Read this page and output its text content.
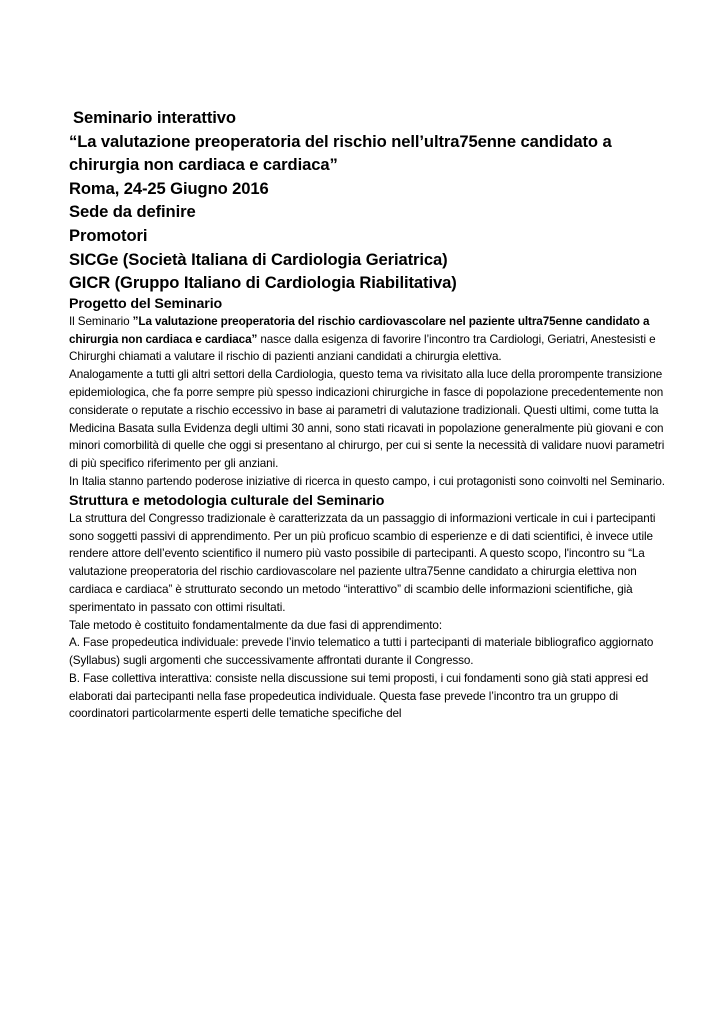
Seminario interattivo

“La valutazione preoperatoria del rischio nell’ultra75enne candidato a

chirurgia non cardiaca e cardiaca”

Roma, 24-25 Giugno 2016

Sede da definire

Promotori

SICGe (Società Italiana di Cardiologia Geriatrica)

GICR (Gruppo Italiano di Cardiologia Riabilitativa)

Progetto del Seminario

Il Seminario ”La valutazione preoperatoria del rischio cardiovascolare nel paziente ultra75enne candidato a chirurgia non cardiaca e cardiaca” nasce dalla esigenza di favorire l’incontro tra Cardiologi, Geriatri, Anestesisti e Chirurghi chiamati a valutare il rischio di pazienti anziani candidati a chirurgia elettiva.

Analogamente a tutti gli altri settori della Cardiologia, questo tema va rivisitato alla luce della prorompente transizione epidemiologica, che fa porre sempre più spesso indicazioni chirurgiche in fasce di popolazione precedentemente non considerate o reputate a rischio eccessivo in base ai parametri di valutazione tradizionali. Questi ultimi, come tutta la Medicina Basata sulla Evidenza degli ultimi 30 anni, sono stati ricavati in popolazione generalmente più giovani e con minori comorbilità di quelle che oggi si presentano al chirurgo, per cui si sente la necessità di validare nuovi parametri di più specifico riferimento per gli anziani.

In Italia stanno partendo poderose iniziative di ricerca in questo campo, i cui protagonisti sono coinvolti nel Seminario.

Struttura e metodologia culturale del Seminario

La struttura del Congresso tradizionale è caratterizzata da un passaggio di informazioni verticale in cui i partecipanti sono soggetti passivi di apprendimento. Per un più proficuo scambio di esperienze e di dati scientifici, è invece utile rendere attore dell’evento scientifico il numero più vasto possibile di partecipanti. A questo scopo, l'incontro su “La valutazione preoperatoria del rischio cardiovascolare nel paziente ultra75enne candidato a chirurgia elettiva non cardiaca e cardiaca” è strutturato secondo un metodo “interattivo” di scambio delle informazioni scientifiche, già sperimentato in passato con ottimi risultati.

Tale metodo è costituito fondamentalmente da due fasi di apprendimento:

A. Fase propedeutica individuale: prevede l’invio telematico a tutti i partecipanti di materiale bibliografico aggiornato (Syllabus) sugli argomenti che successivamente affrontati durante il Congresso.

B. Fase collettiva interattiva: consiste nella discussione sui temi proposti, i cui fondamenti sono già stati appresi ed elaborati dai partecipanti nella fase propedeutica individuale. Questa fase prevede l’incontro tra un gruppo di coordinatori particolarmente esperti delle tematiche specifiche del
